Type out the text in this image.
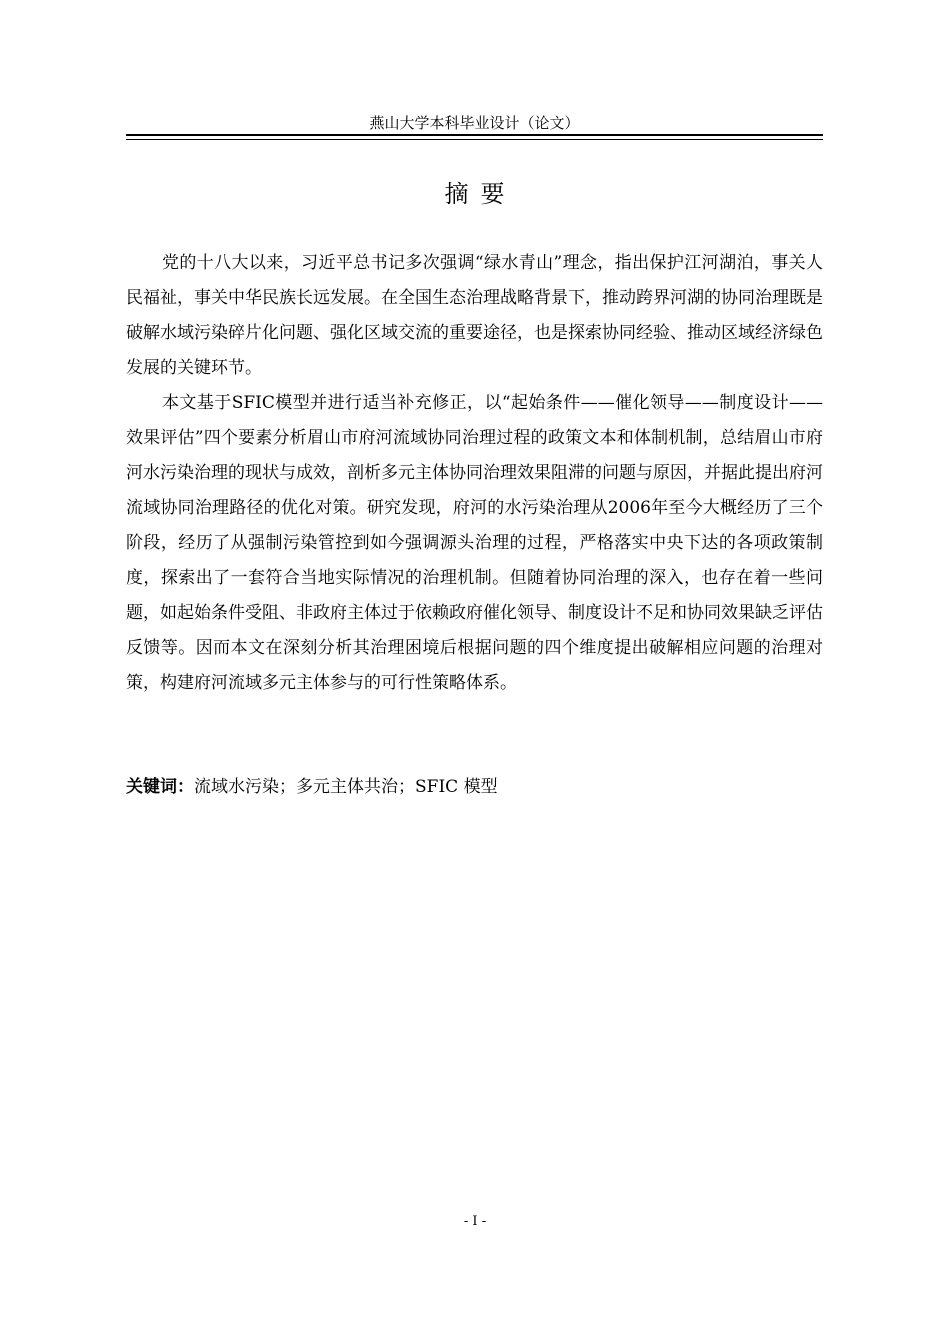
燕山大学本科毕业设计（论文）
摘要

党的十八大以来，习近平总书记多次强调“绿水青山”理念，指出保护江河湖泊，事关人民福祉，事关中华民族长远发展。在全国生态治理战略背景下，推动跨界河湖的协同治理既是破解水域污染碎片化问题、强化区域交流的重要途径，也是探索协同经验、推动区域经济绿色发展的关键环节。

本文基于SFIC模型并进行适当补充修正，以“起始条件——催化领导——制度设计——效果评估”四个要素分析眉山市府河流域协同治理过程的政策文本和体制机制，总结眉山市府河水污染治理的现状与成效，剖析多元主体协同治理效果阻滞的问题与原因，并据此提出府河流域协同治理路径的优化对策。研究发现，府河的水污染治理从2006年至今大概经历了三个阶段，经历了从强制污染管控到如今强调源头治理的过程，严格落实中央下达的各项政策制度，探索出了一套符合当地实际情况的治理机制。但随着协同治理的深入，也存在着一些问题，如起始条件受阻、非政府主体过于依赖政府催化领导、制度设计不足和协同效果缺乏评估反馈等。因而本文在深刻分析其治理困境后根据问题的四个维度提出破解相应问题的治理对策，构建府河流域多元主体参与的可行性策略体系。

关键词：流域水污染；多元主体共治；SFIC 模型
- I -
